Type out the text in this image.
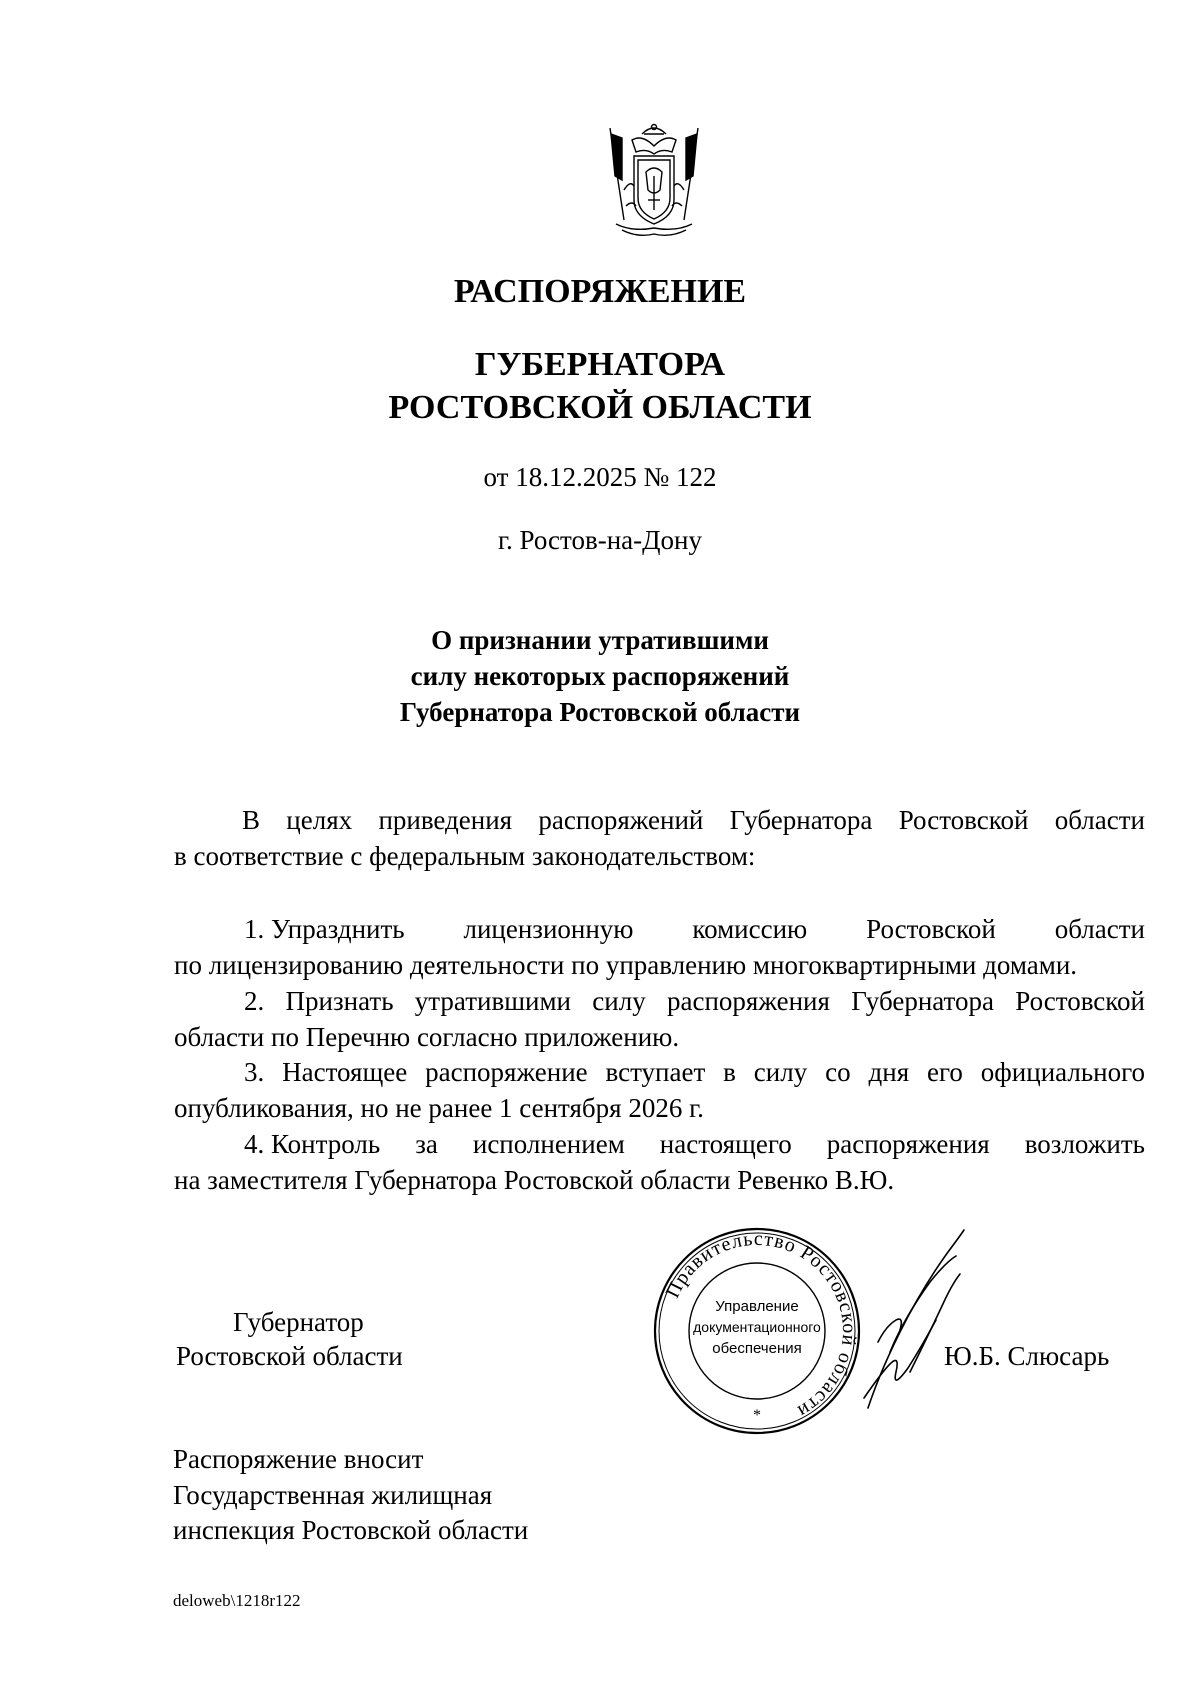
РАСПОРЯЖЕНИЕ
ГУБЕРНАТОРА
РОСТОВСКОЙ ОБЛАСТИ
от 18.12.2025 № 122
г. Ростов-на-Дону
О признании утратившими
силу некоторых распоряжений
Губернатора Ростовской области
В целях приведения распоряжений Губернатора Ростовской области
в соответствие с федеральным законодательством:
1. Упразднить лицензионную комиссию Ростовской области
по лицензированию деятельности по управлению многоквартирными домами.
2. Признать утратившими силу распоряжения Губернатора Ростовской
области по Перечню согласно приложению.
3. Настоящее распоряжение вступает в силу со дня его официального
опубликования, но не ранее 1 сентября 2026 г.
4. Контроль за исполнением настоящего распоряжения возложить
на заместителя Губернатора Ростовской области Ревенко В.Ю.
Губернатор
Ростовской области
Правительство Ростовской области
Управление
документационного
обеспечения
*
Ю.Б. Слюсарь
Распоряжение вносит
Государственная жилищная
инспекция Ростовской области
deloweb\1218r122
